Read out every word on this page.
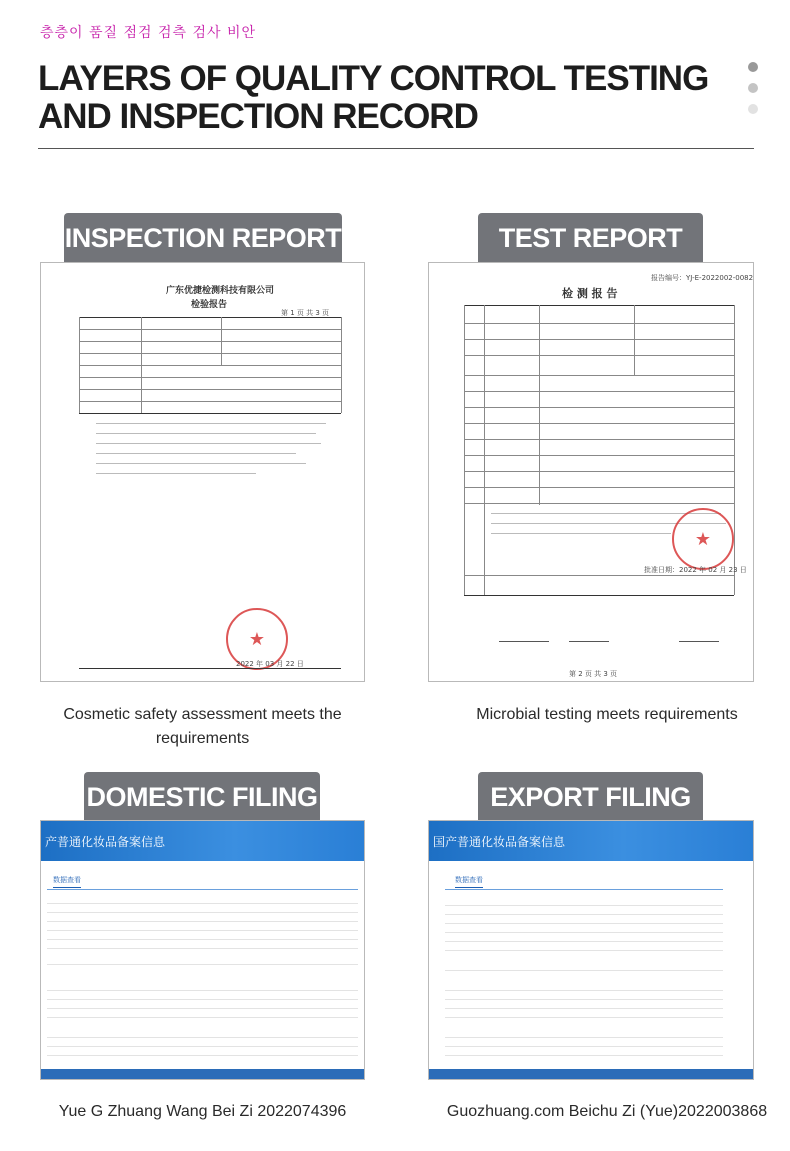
층층이 품질 점검 검측 검사 비안
LAYERS OF QUALITY CONTROL TESTING AND INSPECTION RECORD
INSPECTION REPORT
广东优捷检测科技有限公司
检验报告
第 1 页 共 3 页
★
2022 年 03 月 22 日
Cosmetic safety assessment meets the requirements
TEST REPORT
报告编号：YJ-E-2022002-0082
检 测 报 告
★
批准日期：2022 年 02 月 23 日
第 2 页 共 3 页
Microbial testing meets requirements
DOMESTIC FILING
产普通化妆品备案信息
数据查看
Yue G Zhuang Wang Bei Zi 2022074396
EXPORT FILING
国产普通化妆品备案信息
数据查看
Guozhuang.com Beichu Zi (Yue)2022003868
